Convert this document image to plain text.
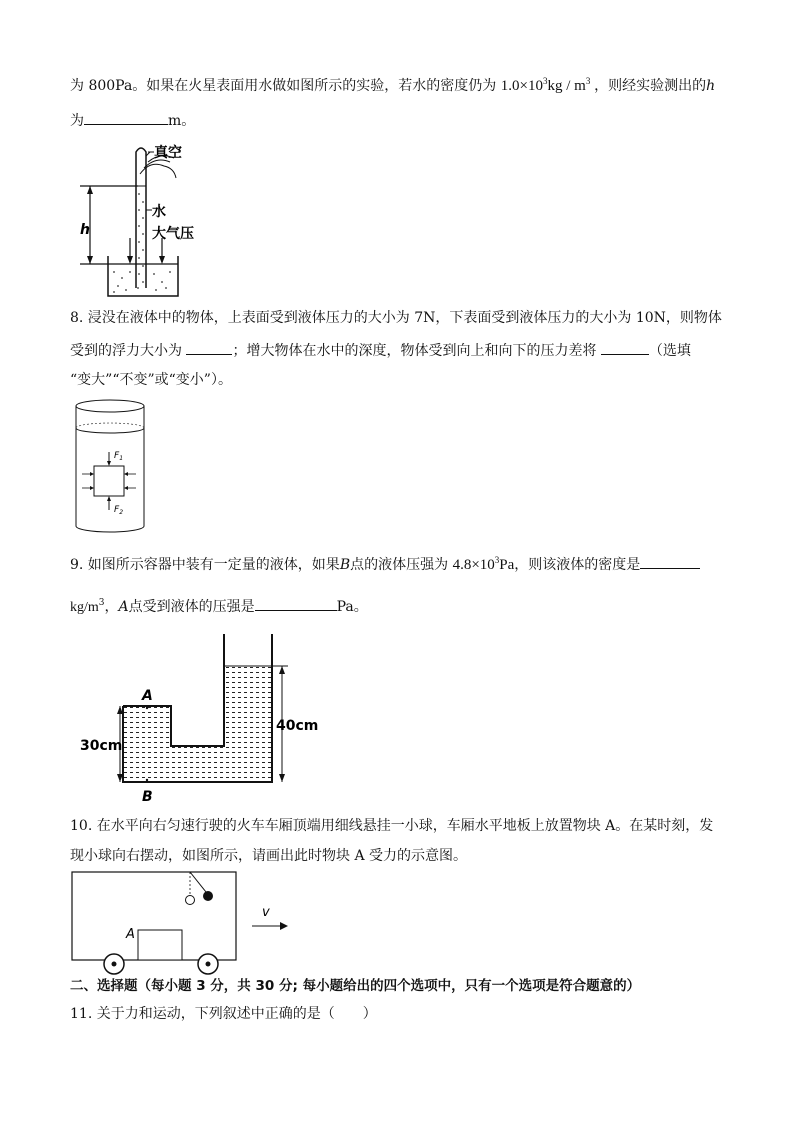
为 800Pa。如果在火星表面用水做如图所示的实验，若水的密度仍为 $1.0\times 10^3kg / m^3$ ，则经实验测出的h
为	m。
h
真空
水
大气压
8. 浸没在液体中的物体，上表面受到液体压力的大小为 7N，下表面受到液体压力的大小为 10N，则物体
受到的浮力大小为	；增大物体在水中的深度，物体受到向上和向下的压力差将	（选填
“变大”“不变”或“变小”）。
$F_1$
$F_2$
9. 如图所示容器中装有一定量的液体，如果B点的液体压强为 $4.8\times 10^3Pa$，则该液体的密度是
$kg/m^3$，A点受到液体的压强是	Pa。
A
B
30cm
40cm
10. 在水平向右匀速行驶的火车车厢顶端用细线悬挂一小球，车厢水平地板上放置物块 A。在某时刻，发
现小球向右摆动，如图所示，请画出此时物块 A 受力的示意图。
A
v
二、选择题（每小题 3 分，共 30 分; 每小题给出的四个选项中，只有一个选项是符合题意的）
11. 关于力和运动，下列叙述中正确的是（　　）
